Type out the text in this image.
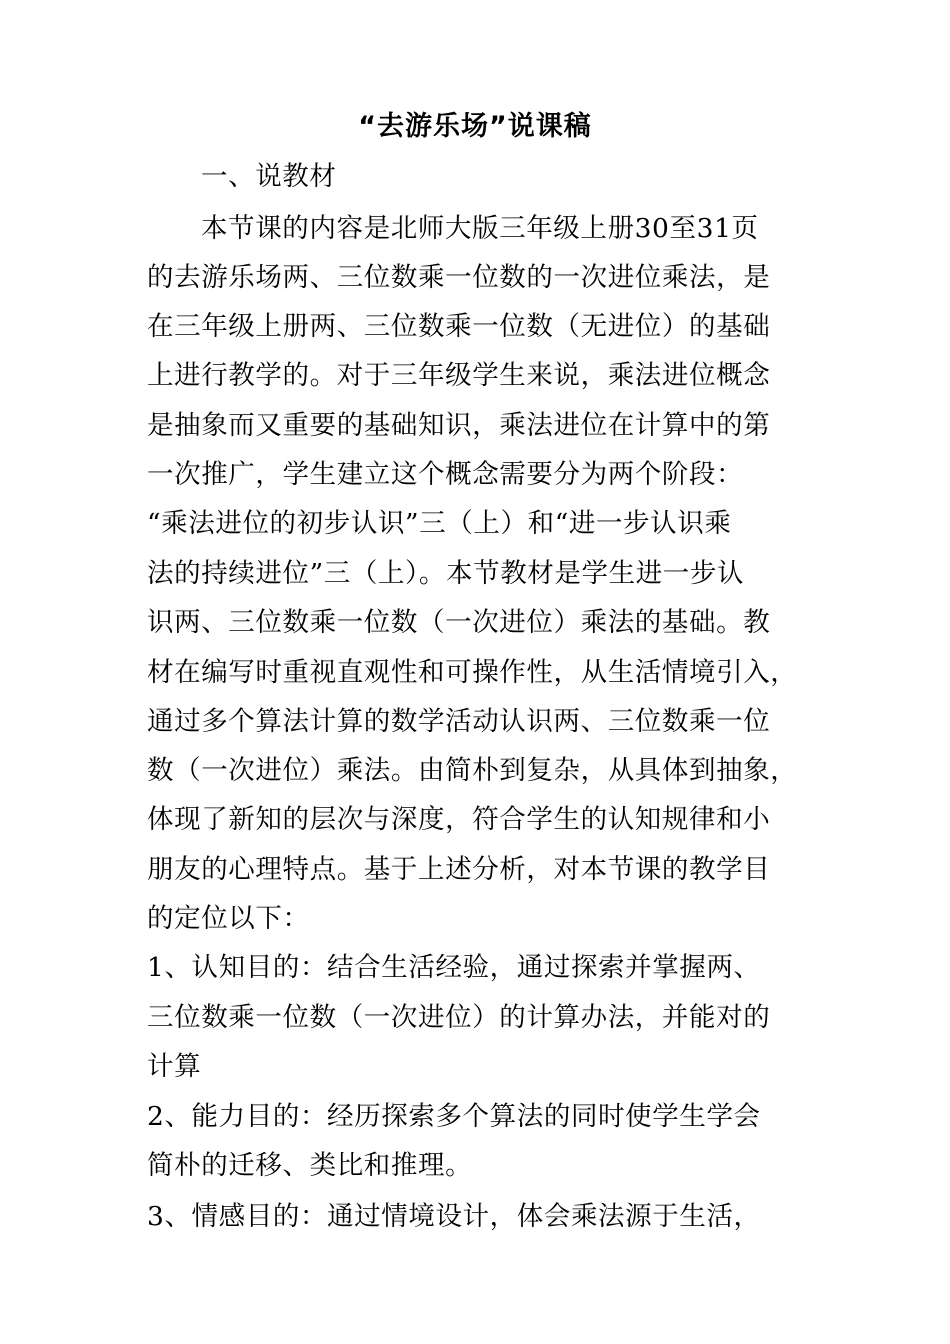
“去游乐场”说课稿
一、说教材
本节课的内容是北师大版三年级上册30至31页
的去游乐场两、三位数乘一位数的一次进位乘法，是
在三年级上册两、三位数乘一位数（无进位）的基础
上进行教学的。对于三年级学生来说，乘法进位概念
是抽象而又重要的基础知识，乘法进位在计算中的第
一次推广，学生建立这个概念需要分为两个阶段：
“乘法进位的初步认识”三（上）和“进一步认识乘
法的持续进位”三（上）。本节教材是学生进一步认
识两、三位数乘一位数（一次进位）乘法的基础。教
材在编写时重视直观性和可操作性，从生活情境引入，
通过多个算法计算的数学活动认识两、三位数乘一位
数（一次进位）乘法。由简朴到复杂，从具体到抽象，
体现了新知的层次与深度，符合学生的认知规律和小
朋友的心理特点。基于上述分析，对本节课的教学目
的定位以下：
1、认知目的：结合生活经验，通过探索并掌握两、
三位数乘一位数（一次进位）的计算办法，并能对的
计算
2、能力目的：经历探索多个算法的同时使学生学会
简朴的迁移、类比和推理。
3、情感目的：通过情境设计，体会乘法源于生活，
